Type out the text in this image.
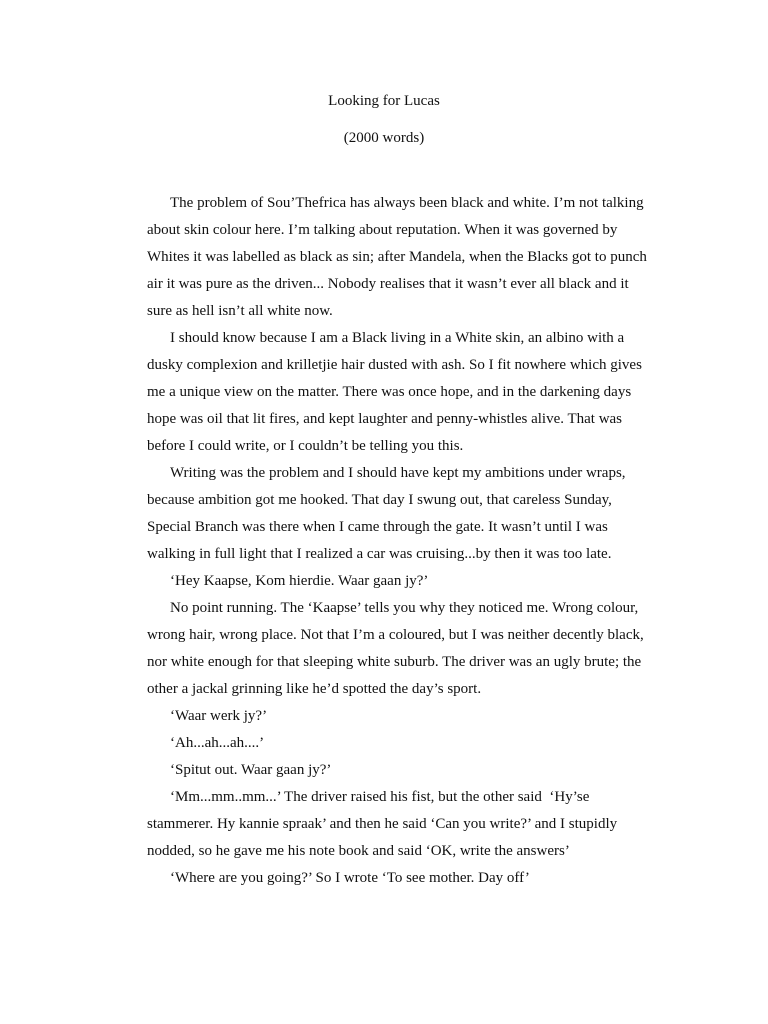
Looking for Lucas
(2000 words)
The problem of Sou’Thefrica has always been black and white. I’m not talking
about skin colour here. I’m talking about reputation. When it was governed by
Whites it was labelled as black as sin; after Mandela, when the Blacks got to punch
air it was pure as the driven... Nobody realises that it wasn’t ever all black and it
sure as hell isn’t all white now.
I should know because I am a Black living in a White skin, an albino with a
dusky complexion and krilletjie hair dusted with ash. So I fit nowhere which gives
me a unique view on the matter. There was once hope, and in the darkening days
hope was oil that lit fires, and kept laughter and penny-whistles alive. That was
before I could write, or I couldn’t be telling you this.
Writing was the problem and I should have kept my ambitions under wraps,
because ambition got me hooked. That day I swung out, that careless Sunday,
Special Branch was there when I came through the gate. It wasn’t until I was
walking in full light that I realized a car was cruising...by then it was too late.
‘Hey Kaapse, Kom hierdie. Waar gaan jy?’
No point running. The ‘Kaapse’ tells you why they noticed me. Wrong colour,
wrong hair, wrong place. Not that I’m a coloured, but I was neither decently black,
nor white enough for that sleeping white suburb. The driver was an ugly brute; the
other a jackal grinning like he’d spotted the day’s sport.
‘Waar werk jy?’
‘Ah...ah...ah....’
‘Spitut out. Waar gaan jy?’
‘Mm...mm..mm...’ The driver raised his fist, but the other said  ‘Hy’se
stammerer. Hy kannie spraak’ and then he said ‘Can you write?’ and I stupidly
nodded, so he gave me his note book and said ‘OK, write the answers’
‘Where are you going?’ So I wrote ‘To see mother. Day off’
